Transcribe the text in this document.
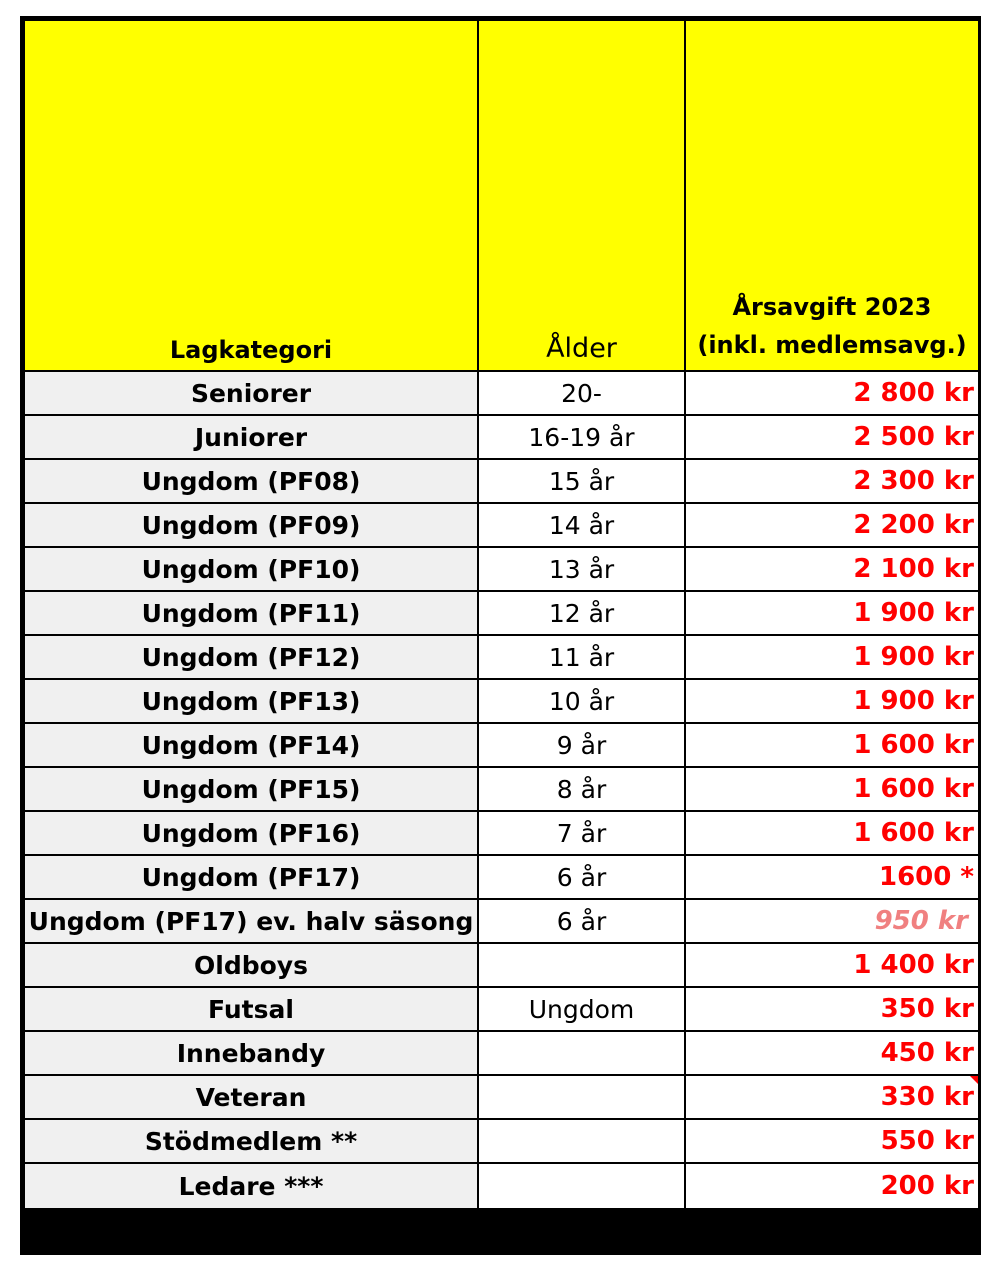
Lagkategori	Ålder	Årsavgift 2023
(inkl. medlemsavg.)

Seniorer	20-	2 800 kr
Juniorer	16-19 år	2 500 kr
Ungdom (PF08)	15 år	2 300 kr
Ungdom (PF09)	14 år	2 200 kr
Ungdom (PF10)	13 år	2 100 kr
Ungdom (PF11)	12 år	1 900 kr
Ungdom (PF12)	11 år	1 900 kr
Ungdom (PF13)	10 år	1 900 kr
Ungdom (PF14)	9 år	1 600 kr
Ungdom (PF15)	8 år	1 600 kr
Ungdom (PF16)	7 år	1 600 kr
Ungdom (PF17)	6 år	1600 *
Ungdom (PF17) ev. halv säsong	6 år	950 kr
Oldboys		1 400 kr
Futsal	Ungdom	350 kr
Innebandy		450 kr
Veteran		330 kr
Stödmedlem **		550 kr
Ledare ***		200 kr
